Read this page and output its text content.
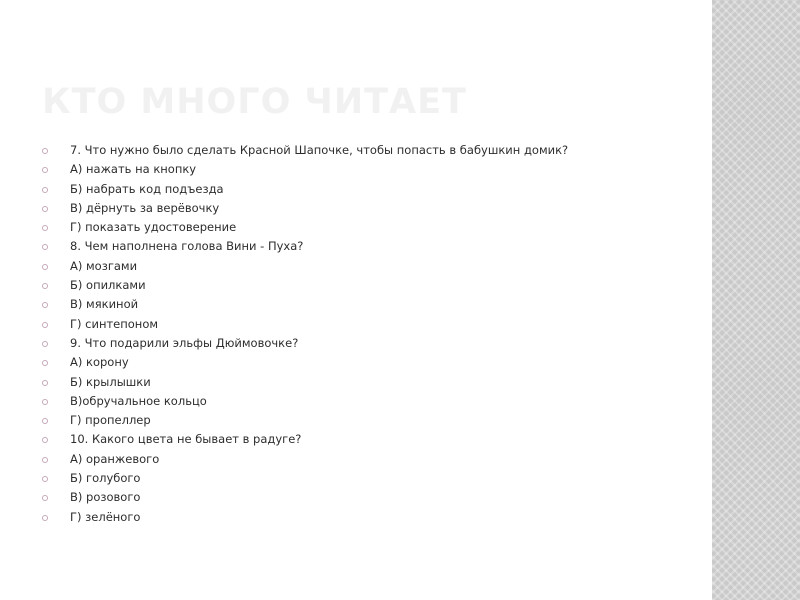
КТО МНОГО ЧИТАЕТ
7. Что нужно было сделать Красной Шапочке, чтобы попасть в бабушкин домик?
А) нажать на кнопку
Б) набрать код подъезда
В) дёрнуть за верёвочку
Г) показать удостоверение
8. Чем наполнена голова Вини - Пуха?
А) мозгами
Б) опилками
В) мякиной
Г) синтепоном
9. Что подарили эльфы Дюймовочке?
А) корону
Б) крылышки
В)обручальное кольцо
Г) пропеллер
10. Какого цвета не бывает в радуге?
А) оранжевого
Б) голубого
В) розового
Г) зелёного
